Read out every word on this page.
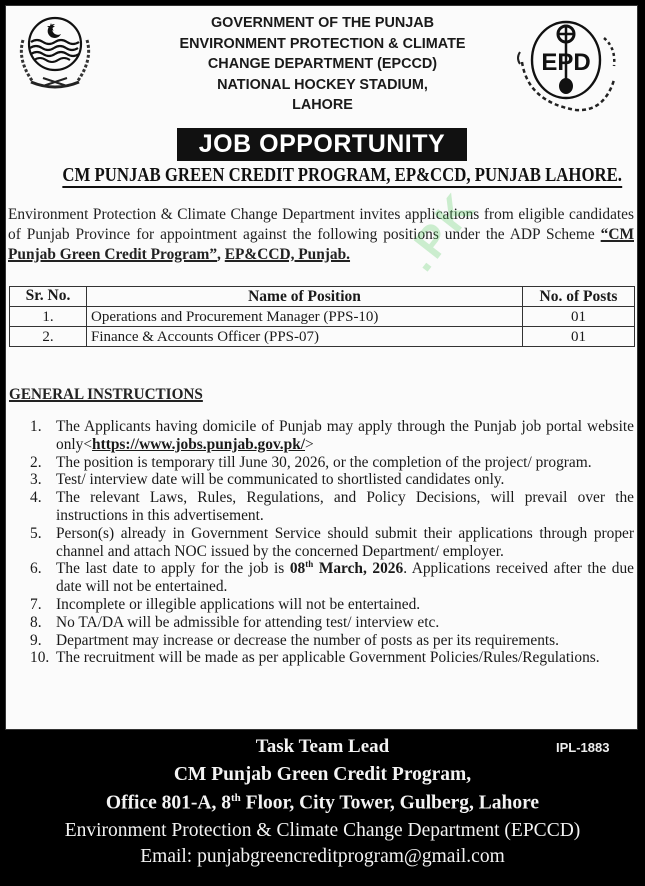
GOVERNMENT OF THE PUNJAB
ENVIRONMENT PROTECTION & CLIMATE
CHANGE DEPARTMENT (EPCCD)
NATIONAL HOCKEY STADIUM,
LAHORE
EPD
JOB OPPORTUNITY
CM PUNJAB GREEN CREDIT PROGRAM, EP&CCD, PUNJAB LAHORE.
Environment Protection & Climate Change Department invites applications from eligible candidates of Punjab Province for appointment against the following positions under the ADP Scheme “CM Punjab Green Credit Program”, EP&CCD, Punjab.	.PK
Sr. No.	Name of Position	No. of Posts
1.	Operations and Procurement Manager (PPS-10)	01
2.	Finance & Accounts Officer (PPS-07)	01
GENERAL INSTRUCTIONS
1. The Applicants having domicile of Punjab may apply through the Punjab job portal website only<https://www.jobs.punjab.gov.pk/>
2. The position is temporary till June 30, 2026, or the completion of the project/ program.
3. Test/ interview date will be communicated to shortlisted candidates only.
4. The relevant Laws, Rules, Regulations, and Policy Decisions, will prevail over the instructions in this advertisement.
5. Person(s) already in Government Service should submit their applications through proper channel and attach NOC issued by the concerned Department/ employer.
6. The last date to apply for the job is 08th March, 2026. Applications received after the due date will not be entertained.
7. Incomplete or illegible applications will not be entertained.
8. No TA/DA will be admissible for attending test/ interview etc.
9. Department may increase or decrease the number of posts as per its requirements.
10. The recruitment will be made as per applicable Government Policies/Rules/Regulations.
Task Team Lead	IPL-1883
CM Punjab Green Credit Program,
Office 801-A, 8th Floor, City Tower, Gulberg, Lahore
Environment Protection & Climate Change Department (EPCCD)
Email: punjabgreencreditprogram@gmail.com
